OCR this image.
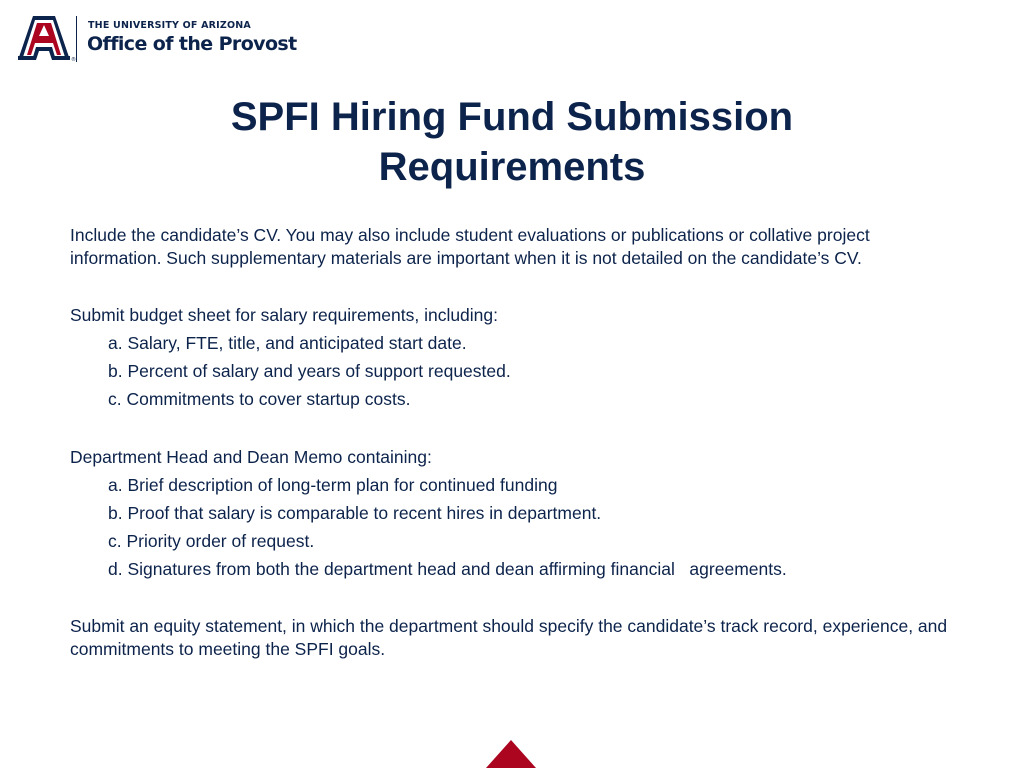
®
THE UNIVERSITY OF ARIZONA
Office of the Provost
SPFI Hiring Fund Submission Requirements

Include the candidate’s CV. You may also include student evaluations or publications or collative project information. Such supplementary materials are important when it is not detailed on the candidate’s CV.

Submit budget sheet for salary requirements, including:
a. Salary, FTE, title, and anticipated start date.
b. Percent of salary and years of support requested.
c. Commitments to cover startup costs.
Department Head and Dean Memo containing:
a. Brief description of long-term plan for continued funding
b. Proof that salary is comparable to recent hires in department.
c. Priority order of request.
d. Signatures from both the department head and dean affirming financial   agreements.

Submit an equity statement, in which the department should specify the candidate’s track record, experience, and commitments to meeting the SPFI goals.
